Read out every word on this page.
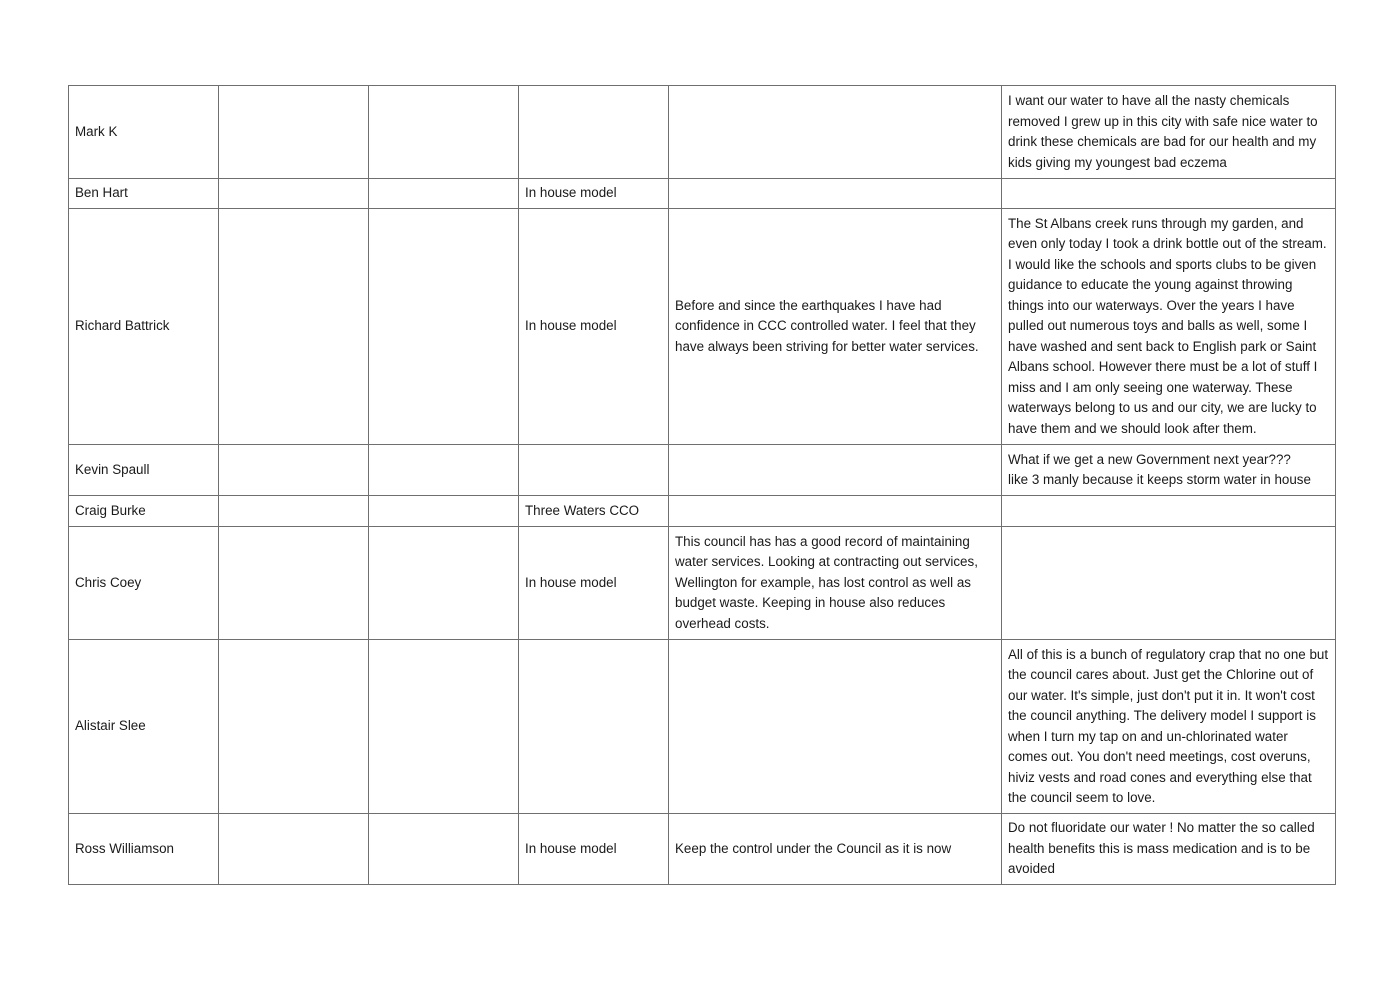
Mark K					I want our water to have all the nasty chemicals removed I grew up in this city with safe nice water to drink these chemicals are bad for our health and my kids giving my youngest bad eczema
Ben Hart			In house model		
Richard Battrick			In house model	Before and since the earthquakes I have had confidence in CCC controlled water. I feel that they have always been striving for better water services.	The St Albans creek runs through my garden, and even only today I took a drink bottle out of the stream. I would like the schools and sports clubs to be given guidance to educate the young against throwing things into our waterways. Over the years I have pulled out numerous toys and balls as well, some I have washed and sent back to English park or Saint Albans school. However there must be a lot of stuff I miss and I am only seeing one waterway. These waterways belong to us and our city, we are lucky to have them and we should look after them.
Kevin Spaull					What if we get a new Government next year???
like 3 manly because it keeps storm water in house
Craig Burke			Three Waters CCO		
Chris Coey			In house model	This council has has a good record of maintaining water services. Looking at contracting out services, Wellington for example, has lost control as well as budget waste. Keeping in house also reduces overhead costs.	
Alistair Slee					All of this is a bunch of regulatory crap that no one but the council cares about. Just get the Chlorine out of our water. It's simple, just don't put it in. It won't cost the council anything. The delivery model I support is when I turn my tap on and un-chlorinated water comes out. You don't need meetings, cost overuns, hiviz vests and road cones and everything else that the council seem to love.
Ross Williamson			In house model	Keep the control under the Council as it is now	Do not fluoridate our water ! No matter the so called health benefits this is mass medication and is to be avoided
